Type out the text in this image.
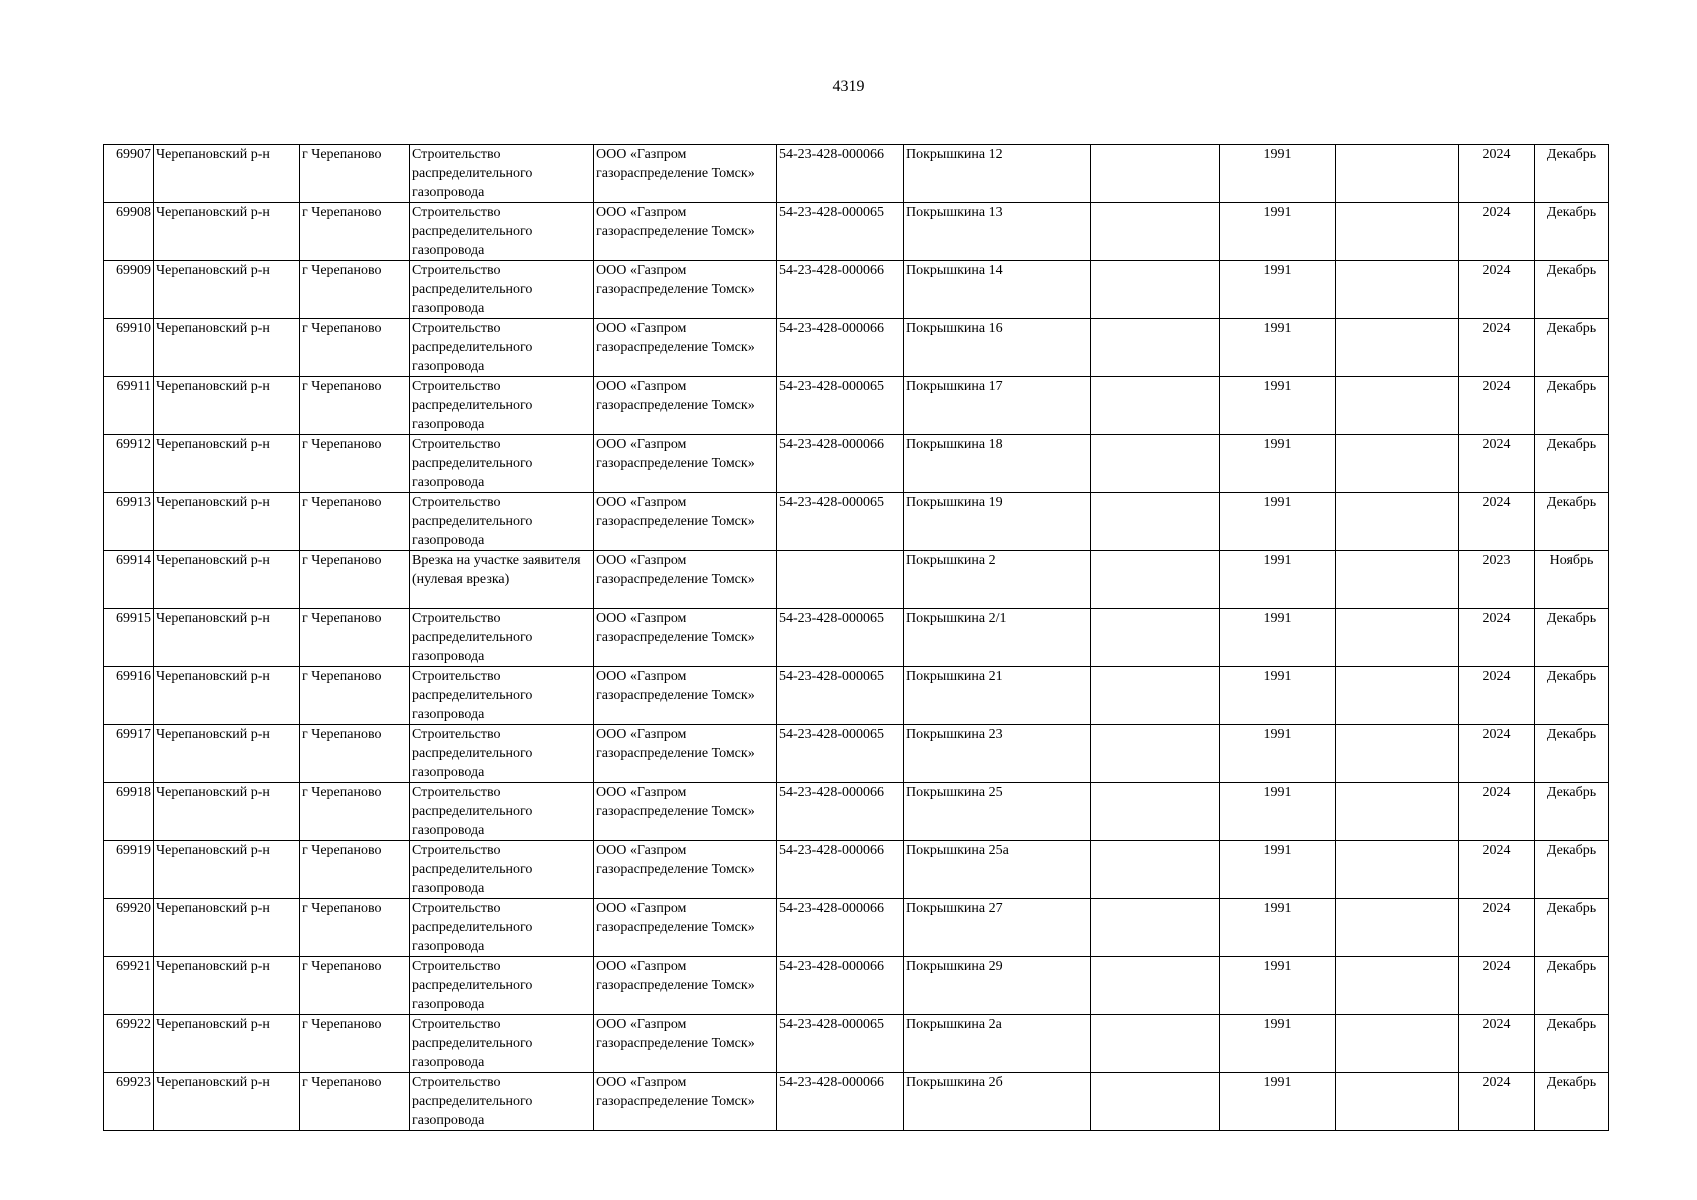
4319
69907	Черепановский р-н	г Черепаново	Строительство распределительного газопровода	ООО «Газпром газораспределение Томск»	54-23-428-000066	Покрышкина 12		1991		2024	Декабрь
69908	Черепановский р-н	г Черепаново	Строительство распределительного газопровода	ООО «Газпром газораспределение Томск»	54-23-428-000065	Покрышкина 13		1991		2024	Декабрь
69909	Черепановский р-н	г Черепаново	Строительство распределительного газопровода	ООО «Газпром газораспределение Томск»	54-23-428-000066	Покрышкина 14		1991		2024	Декабрь
69910	Черепановский р-н	г Черепаново	Строительство распределительного газопровода	ООО «Газпром газораспределение Томск»	54-23-428-000066	Покрышкина 16		1991		2024	Декабрь
69911	Черепановский р-н	г Черепаново	Строительство распределительного газопровода	ООО «Газпром газораспределение Томск»	54-23-428-000065	Покрышкина 17		1991		2024	Декабрь
69912	Черепановский р-н	г Черепаново	Строительство распределительного газопровода	ООО «Газпром газораспределение Томск»	54-23-428-000066	Покрышкина 18		1991		2024	Декабрь
69913	Черепановский р-н	г Черепаново	Строительство распределительного газопровода	ООО «Газпром газораспределение Томск»	54-23-428-000065	Покрышкина 19		1991		2024	Декабрь
69914	Черепановский р-н	г Черепаново	Врезка на участке заявителя (нулевая врезка)	ООО «Газпром газораспределение Томск»		Покрышкина 2		1991		2023	Ноябрь
69915	Черепановский р-н	г Черепаново	Строительство распределительного газопровода	ООО «Газпром газораспределение Томск»	54-23-428-000065	Покрышкина 2/1		1991		2024	Декабрь
69916	Черепановский р-н	г Черепаново	Строительство распределительного газопровода	ООО «Газпром газораспределение Томск»	54-23-428-000065	Покрышкина 21		1991		2024	Декабрь
69917	Черепановский р-н	г Черепаново	Строительство распределительного газопровода	ООО «Газпром газораспределение Томск»	54-23-428-000065	Покрышкина 23		1991		2024	Декабрь
69918	Черепановский р-н	г Черепаново	Строительство распределительного газопровода	ООО «Газпром газораспределение Томск»	54-23-428-000066	Покрышкина 25		1991		2024	Декабрь
69919	Черепановский р-н	г Черепаново	Строительство распределительного газопровода	ООО «Газпром газораспределение Томск»	54-23-428-000066	Покрышкина 25а		1991		2024	Декабрь
69920	Черепановский р-н	г Черепаново	Строительство распределительного газопровода	ООО «Газпром газораспределение Томск»	54-23-428-000066	Покрышкина 27		1991		2024	Декабрь
69921	Черепановский р-н	г Черепаново	Строительство распределительного газопровода	ООО «Газпром газораспределение Томск»	54-23-428-000066	Покрышкина 29		1991		2024	Декабрь
69922	Черепановский р-н	г Черепаново	Строительство распределительного газопровода	ООО «Газпром газораспределение Томск»	54-23-428-000065	Покрышкина 2а		1991		2024	Декабрь
69923	Черепановский р-н	г Черепаново	Строительство распределительного газопровода	ООО «Газпром газораспределение Томск»	54-23-428-000066	Покрышкина 2б		1991		2024	Декабрь
